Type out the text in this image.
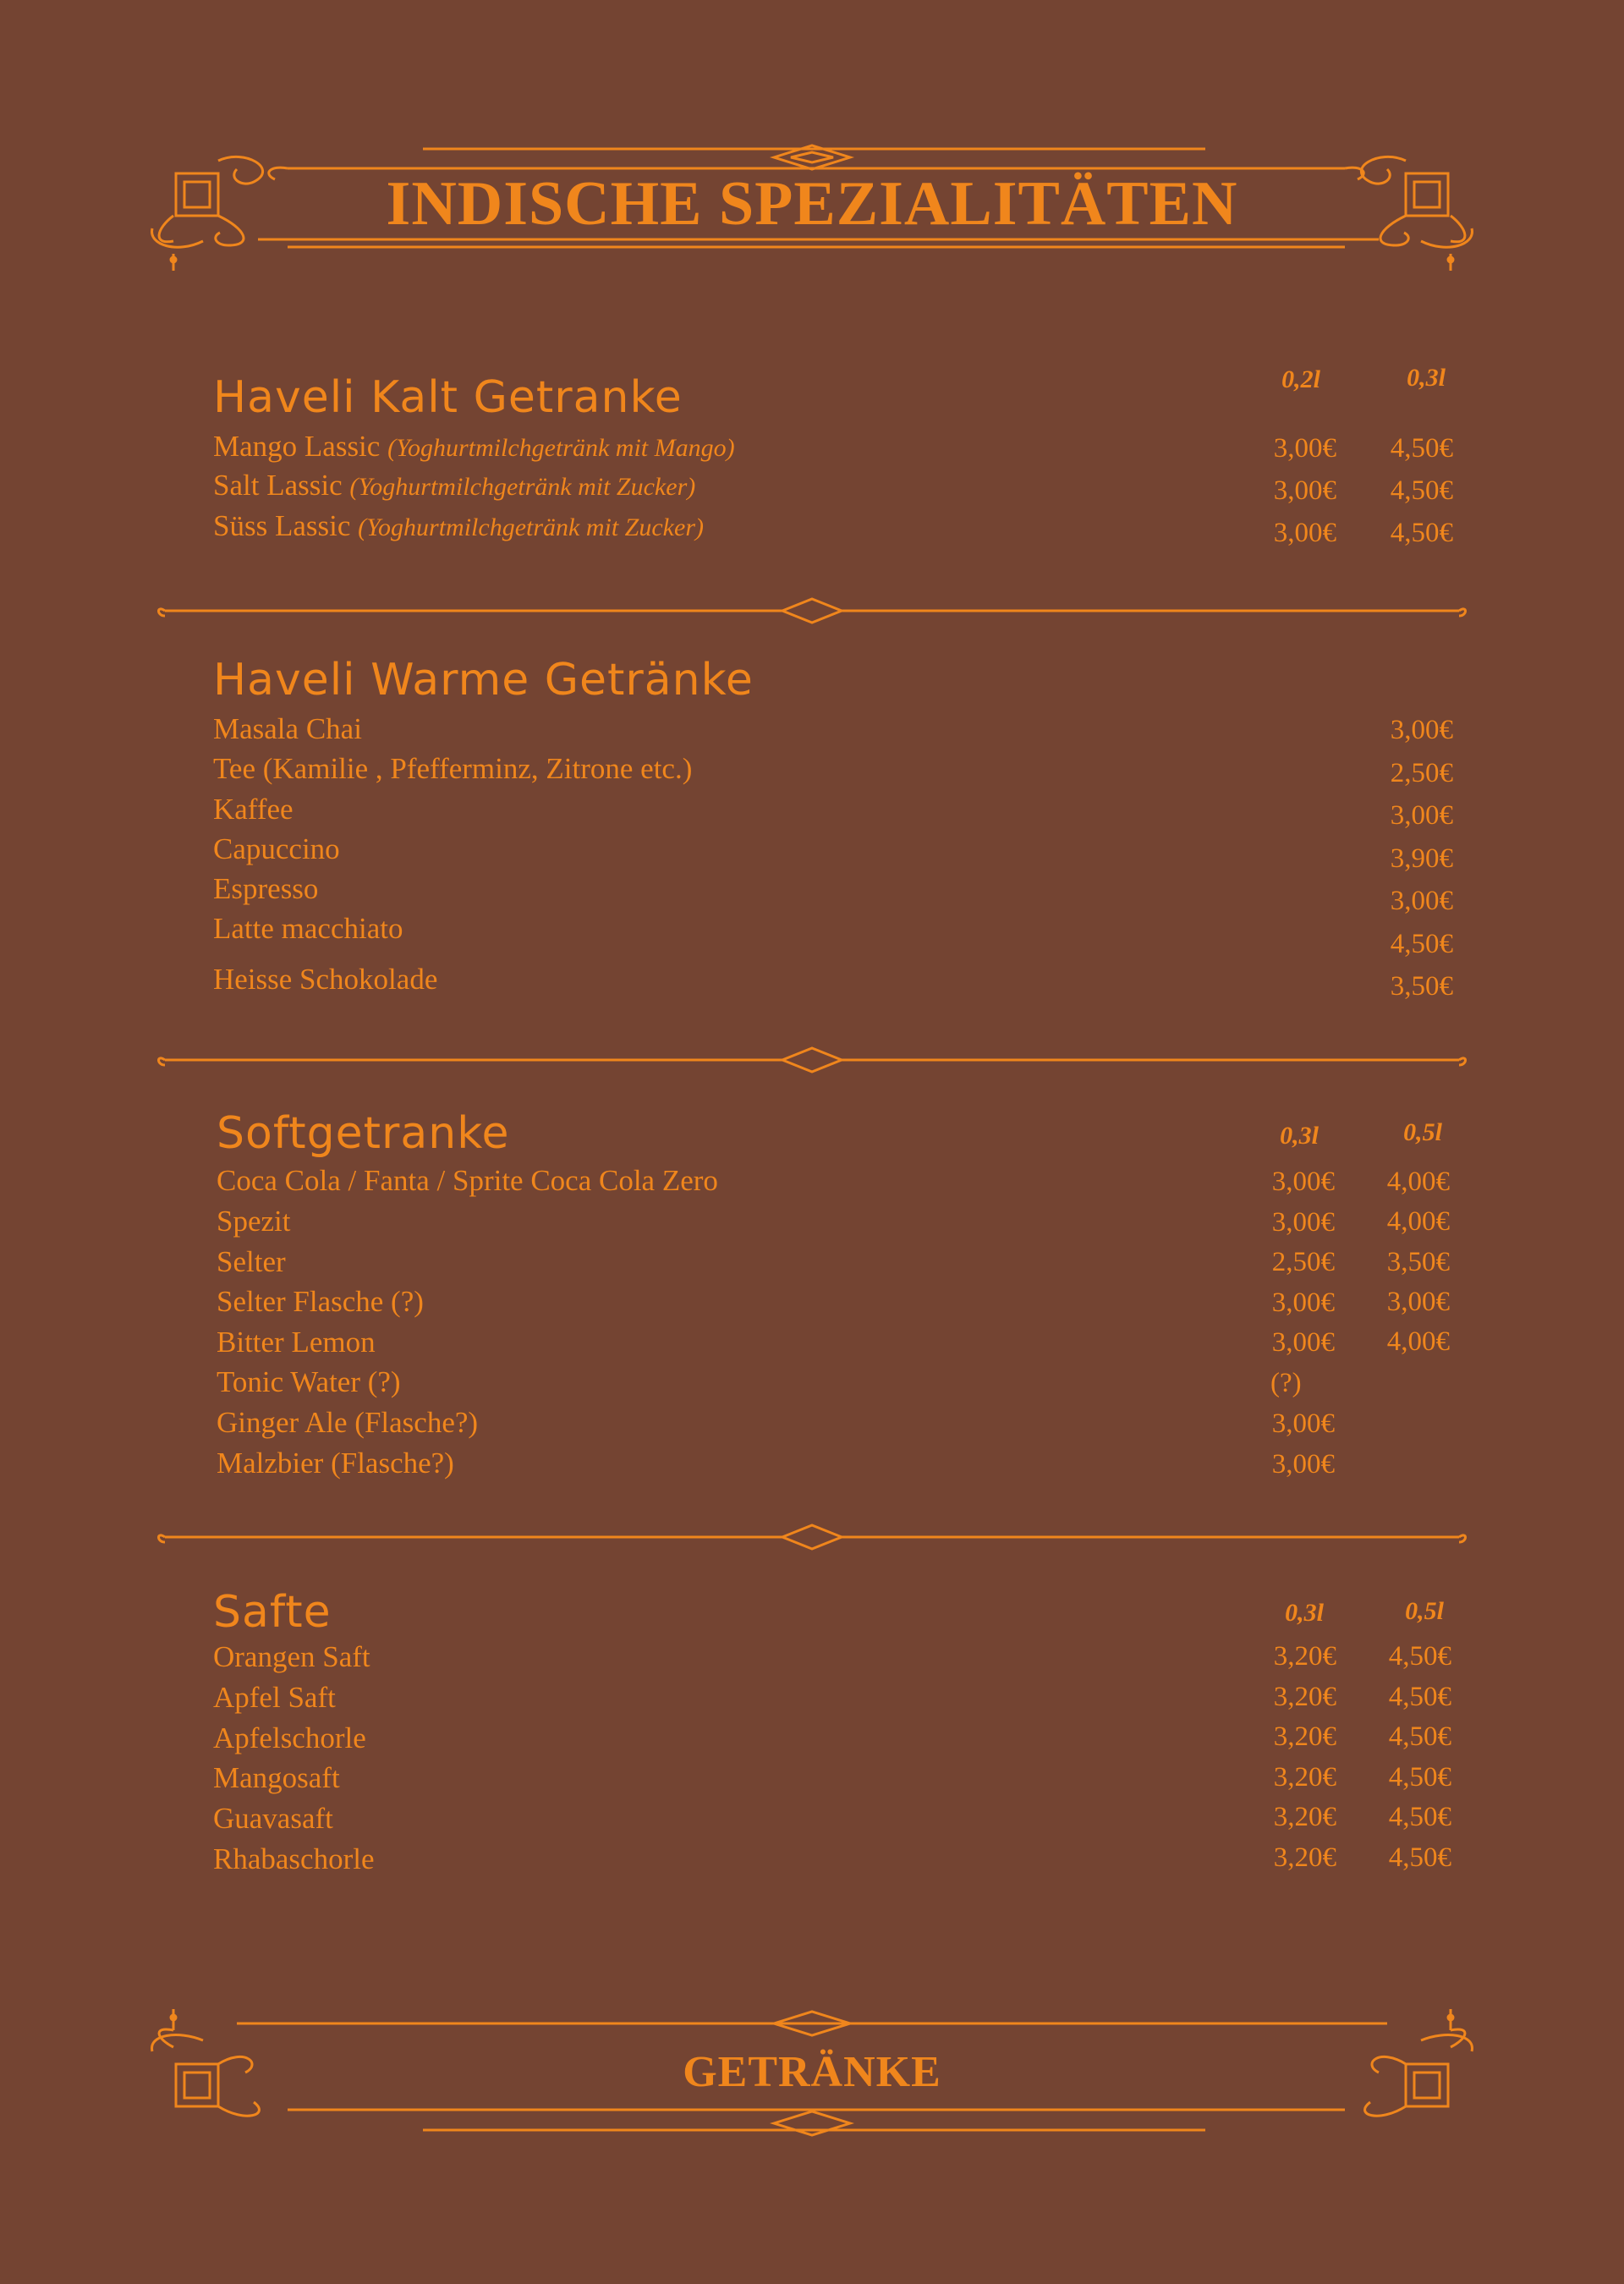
INDISCHE SPEZIALITÄTEN
GETRÄNKE
Haveli Kalt Getranke	0,2l	0,3l
Mango Lassic (Yoghurtmilchgetränk mit Mango)	3,00€	4,50€
Salt Lassic (Yoghurtmilchgetränk mit Zucker)	3,00€	4,50€
Süss Lassic (Yoghurtmilchgetränk mit Zucker)	3,00€	4,50€
Haveli Warme Getränke
Masala Chai	3,00€
Tee (Kamilie , Pfefferminz, Zitrone etc.)	2,50€
Kaffee	3,00€
Capuccino	3,90€
Espresso	3,00€
Latte macchiato	4,50€
Heisse Schokolade	3,50€
Softgetranke	0,3l	0,5l
Coca Cola / Fanta / Sprite Coca Cola Zero	3,00€	4,00€
Spezit	3,00€	4,00€
Selter	2,50€	3,50€
Selter Flasche (?)	3,00€	3,00€
Bitter Lemon	3,00€	4,00€
Tonic Water (?)	(?)
Ginger Ale (Flasche?)	3,00€
Malzbier (Flasche?)	3,00€
Safte	0,3l	0,5l
Orangen Saft	3,20€	4,50€
Apfel Saft	3,20€	4,50€
Apfelschorle	3,20€	4,50€
Mangosaft	3,20€	4,50€
Guavasaft	3,20€	4,50€
Rhabaschorle	3,20€	4,50€
